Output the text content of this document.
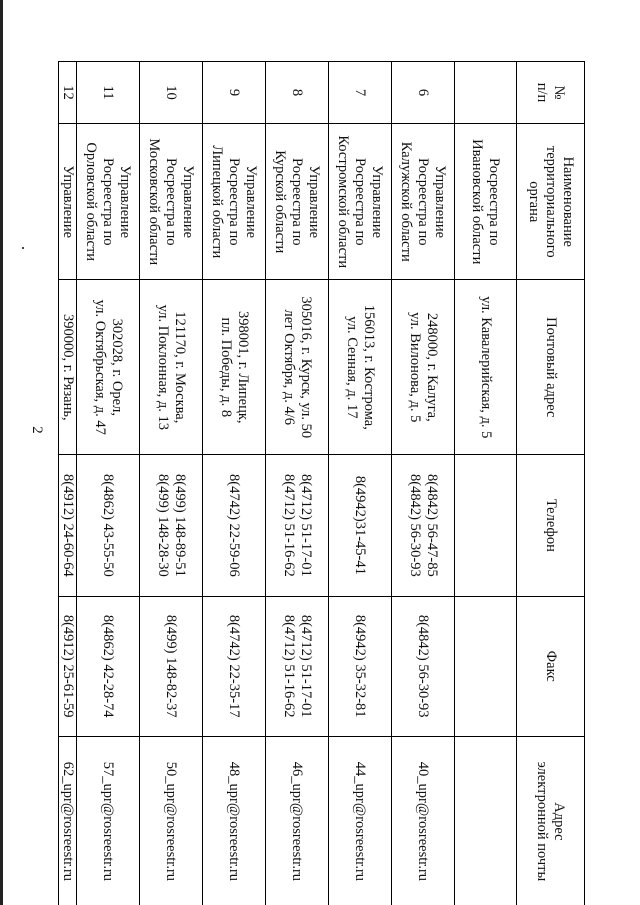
2
№
п/п	Наименование
территориального
органа	Почтовый адрес	Телефон	Факс	Адрес
электронной почты

	Росреестра по
Ивановской области	ул. Кавалерийская, д. 5			

6	Управление
Росреестра по
Калужской области	248000, г. Калуга,
ул. Вилонова, д. 5	8(4842) 56-47-85
8(4842) 56-30-93	8(4842) 56-30-93	40_upr@rosreestr.ru

7	Управление
Росреестра по
Костромской области	156013, г. Кострома,
ул. Сенная, д. 17	8(4942)31-45-41	8(4942) 35-32-81	44_upr@rosreestr.ru

8	Управление
Росреестра по
Курской области	305016, г. Курск, ул. 50
лет Октября, д. 4/6	8(4712) 51-17-01
8(4712) 51-16-62	8(4712) 51-17-01
8(4712) 51-16-62	46_upr@rosreestr.ru

9	Управление
Росреестра по
Липецкой области	398001, г. Липецк,
пл. Победы, д. 8	8(4742) 22-59-06	8(4742) 22-35-17	48_upr@rosreestr.ru

10	Управление
Росреестра по
Московской области	121170, г. Москва,
ул. Поклонная, д. 13	8(499) 148-89-51
8(499) 148-28-30	8(499) 148-82-37	50_upr@rosreestr.ru

11	Управление
Росреестра по
Орловской области	302028, г. Орел,
ул. Октябрьская, д. 47	8(4862) 43-55-50	8(4862) 42-28-74	57_upr@rosreestr.ru

12	Управление	390000, г. Рязань,	8(4912) 24-60-64	8(4912) 25-61-59	62_upr@rosreestr.ru
